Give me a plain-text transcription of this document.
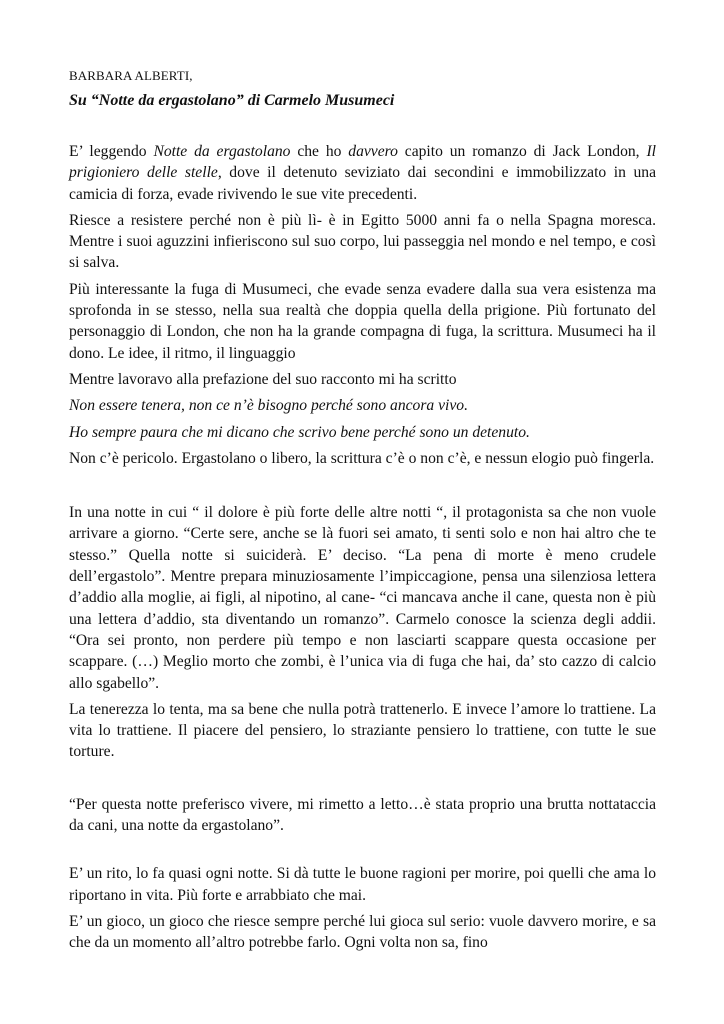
BARBARA ALBERTI,
Su “Notte da ergastolano” di Carmelo Musumeci

E’ leggendo Notte da ergastolano che ho davvero capito un romanzo di Jack London, Il prigioniero delle stelle, dove il detenuto seviziato dai secondini e immobilizzato in una camicia di forza, evade rivivendo le sue vite precedenti.

Riesce a resistere perché non è più lì- è in Egitto 5000 anni fa o nella Spagna moresca. Mentre i suoi aguzzini infieriscono sul suo corpo, lui passeggia nel mondo e nel tempo, e così si salva.

Più interessante la fuga di Musumeci, che evade senza evadere dalla sua vera esistenza ma sprofonda in se stesso, nella sua realtà che doppia quella della prigione. Più fortunato del personaggio di London, che non ha la grande compagna di fuga, la scrittura. Musumeci ha il dono. Le idee, il ritmo, il linguaggio

Mentre lavoravo alla prefazione del suo racconto mi ha scritto

Non essere tenera, non ce n’è bisogno perché sono ancora vivo.

Ho sempre paura che mi dicano che scrivo bene perché sono un detenuto.

Non c’è pericolo. Ergastolano o libero, la scrittura c’è o non c’è, e nessun elogio può fingerla.

In una notte in cui “ il dolore è più forte delle altre notti “, il protagonista sa che non vuole arrivare a giorno. “Certe sere, anche se là fuori sei amato, ti senti solo e non hai altro che te stesso.” Quella notte si suiciderà. E’ deciso. “La pena di morte è meno crudele dell’ergastolo”. Mentre prepara minuziosamente l’impiccagione, pensa una silenziosa lettera d’addio alla moglie, ai figli, al nipotino, al cane- “ci mancava anche il cane, questa non è più una lettera d’addio, sta diventando un romanzo”. Carmelo conosce la scienza degli addii. “Ora sei pronto, non perdere più tempo e non lasciarti scappare questa occasione per scappare. (…) Meglio morto che zombi, è l’unica via di fuga che hai, da’ sto cazzo di calcio allo sgabello”.

La tenerezza lo tenta, ma sa bene che nulla potrà trattenerlo. E invece l’amore lo trattiene. La vita lo trattiene. Il piacere del pensiero, lo straziante pensiero lo trattiene, con tutte le sue torture.

“Per questa notte preferisco vivere, mi rimetto a letto…è stata proprio una brutta nottataccia da cani, una notte da ergastolano”.

E’ un rito, lo fa quasi ogni notte. Si dà tutte le buone ragioni per morire, poi quelli che ama lo riportano in vita. Più forte e arrabbiato che mai.

E’ un gioco, un gioco che riesce sempre perché lui gioca sul serio: vuole davvero morire, e sa che da un momento all’altro potrebbe farlo. Ogni volta non sa, fino
